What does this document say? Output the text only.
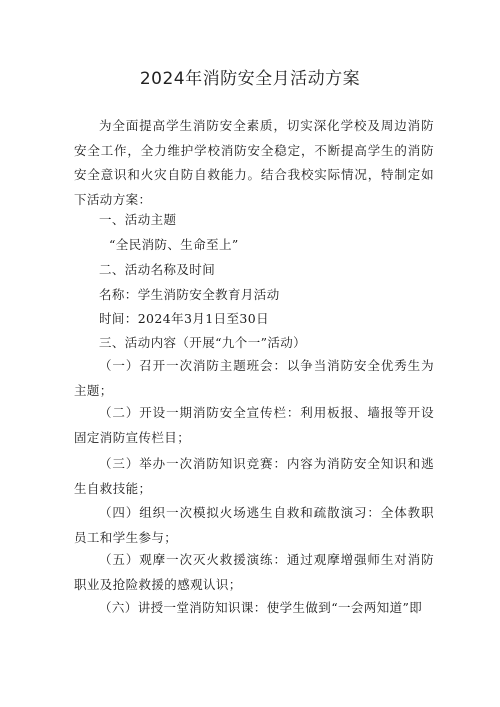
2024年消防安全月活动方案
为全面提高学生消防安全素质，切实深化学校及周边消防安全工作，全力维护学校消防安全稳定，不断提高学生的消防安全意识和火灾自防自救能力。结合我校实际情况，特制定如下活动方案：
一、活动主题
“全民消防、生命至上”
二、活动名称及时间
名称：学生消防安全教育月活动
时间：2024年3月1日至30日
三、活动内容（开展“九个一”活动）
（一）召开一次消防主题班会：以争当消防安全优秀生为主题；
（二）开设一期消防安全宣传栏：利用板报、墙报等开设固定消防宣传栏目；
（三）举办一次消防知识竞赛：内容为消防安全知识和逃生自救技能；
（四）组织一次模拟火场逃生自救和疏散演习：全体教职员工和学生参与；
（五）观摩一次灭火救援演练：通过观摩增强师生对消防职业及抢险救援的感观认识；
（六）讲授一堂消防知识课：使学生做到“一会两知道”即
